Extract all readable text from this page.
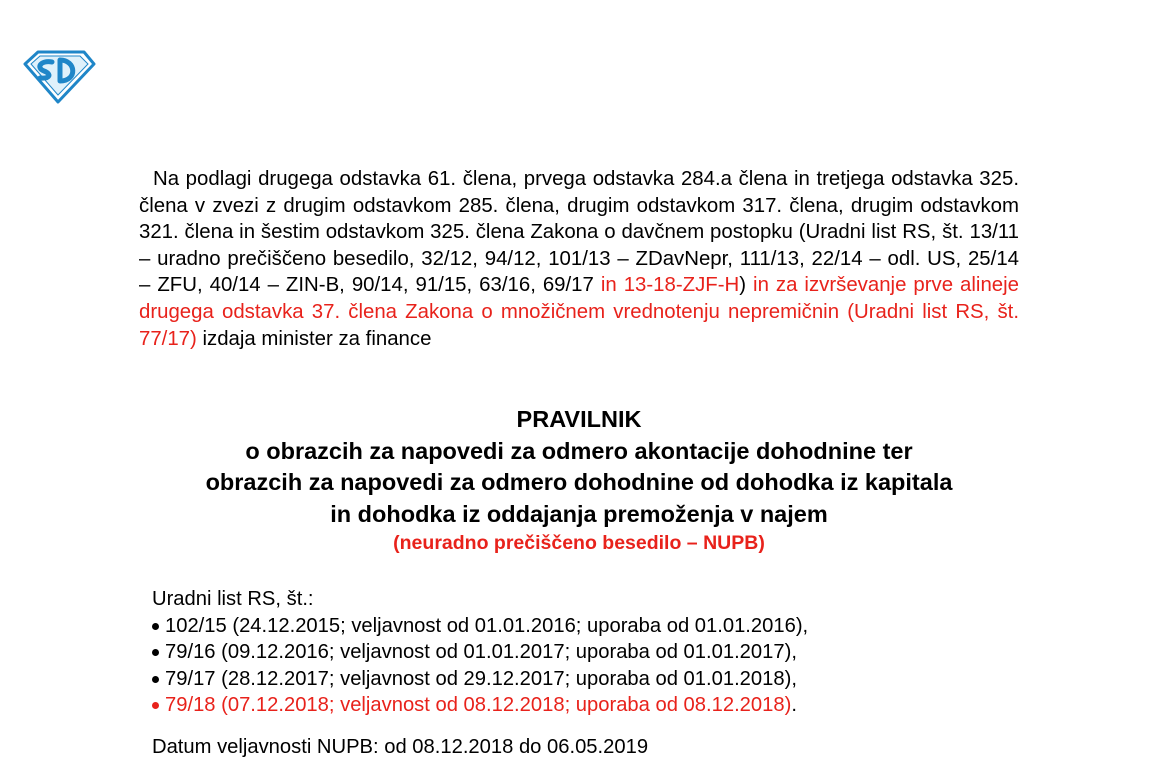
Na podlagi drugega odstavka 61. člena, prvega odstavka 284.a člena in tretjega odstavka 325. člena v zvezi z drugim odstavkom 285. člena, drugim odstavkom 317. člena, drugim odstavkom 321. člena in šestim odstavkom 325. člena Zakona o davčnem postopku (Uradni list RS, št. 13/11 – uradno prečiščeno besedilo, 32/12, 94/12, 101/13 – ZDavNepr, 111/13, 22/14 – odl. US, 25/14 – ZFU, 40/14 – ZIN-B, 90/14, 91/15, 63/16, 69/17 in 13-18-ZJF-H) in za izvrševanje prve alineje drugega odstavka 37. člena Zakona o množičnem vrednotenju nepremičnin (Uradni list RS, št. 77/17) izdaja minister za finance
PRAVILNIK
o obrazcih za napovedi za odmero akontacije dohodnine ter
obrazcih za napovedi za odmero dohodnine od dohodka iz kapitala
in dohodka iz oddajanja premoženja v najem
(neuradno prečiščeno besedilo – NUPB)
Uradni list RS, št.:
102/15 (24.12.2015; veljavnost od 01.01.2016; uporaba od 01.01.2016),
79/16 (09.12.2016; veljavnost od 01.01.2017; uporaba od 01.01.2017),
79/17 (28.12.2017; veljavnost od 29.12.2017; uporaba od 01.01.2018),
79/18 (07.12.2018; veljavnost od 08.12.2018; uporaba od 08.12.2018).
Datum veljavnosti NUPB: od 08.12.2018 do 06.05.2019
